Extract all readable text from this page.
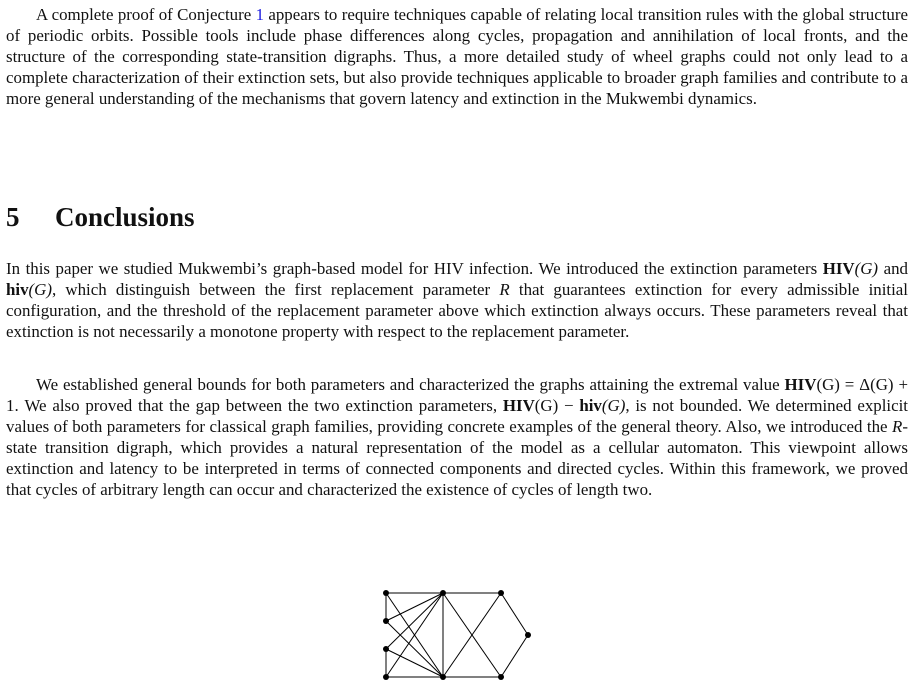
A complete proof of Conjecture 1 appears to require techniques capable of relating local transition rules with the global structure of periodic orbits. Possible tools include phase differences along cycles, propagation and annihilation of local fronts, and the structure of the corresponding state-transition digraphs. Thus, a more detailed study of wheel graphs could not only lead to a complete characterization of their extinction sets, but also provide techniques applicable to broader graph families and contribute to a more general understanding of the mechanisms that govern latency and extinction in the Mukwembi dynamics.

5 Conclusions

In this paper we studied Mukwembi’s graph-based model for HIV infection. We introduced the extinction parameters HIV(G) and hiv(G), which distinguish between the first replacement parameter R that guarantees extinction for every admissible initial configuration, and the threshold of the replacement parameter above which extinction always occurs. These parameters reveal that extinction is not necessarily a monotone property with respect to the replacement parameter.

We established general bounds for both parameters and characterized the graphs attaining the extremal value HIV(G) = Δ(G) + 1. We also proved that the gap between the two extinction parameters, HIV(G) − hiv(G), is not bounded. We determined explicit values of both parameters for classical graph families, providing concrete examples of the general theory. Also, we introduced the R-state transition digraph, which provides a natural representation of the model as a cellular automaton. This viewpoint allows extinction and latency to be interpreted in terms of connected components and directed cycles. Within this framework, we proved that cycles of arbitrary length can occur and characterized the existence of cycles of length two.
